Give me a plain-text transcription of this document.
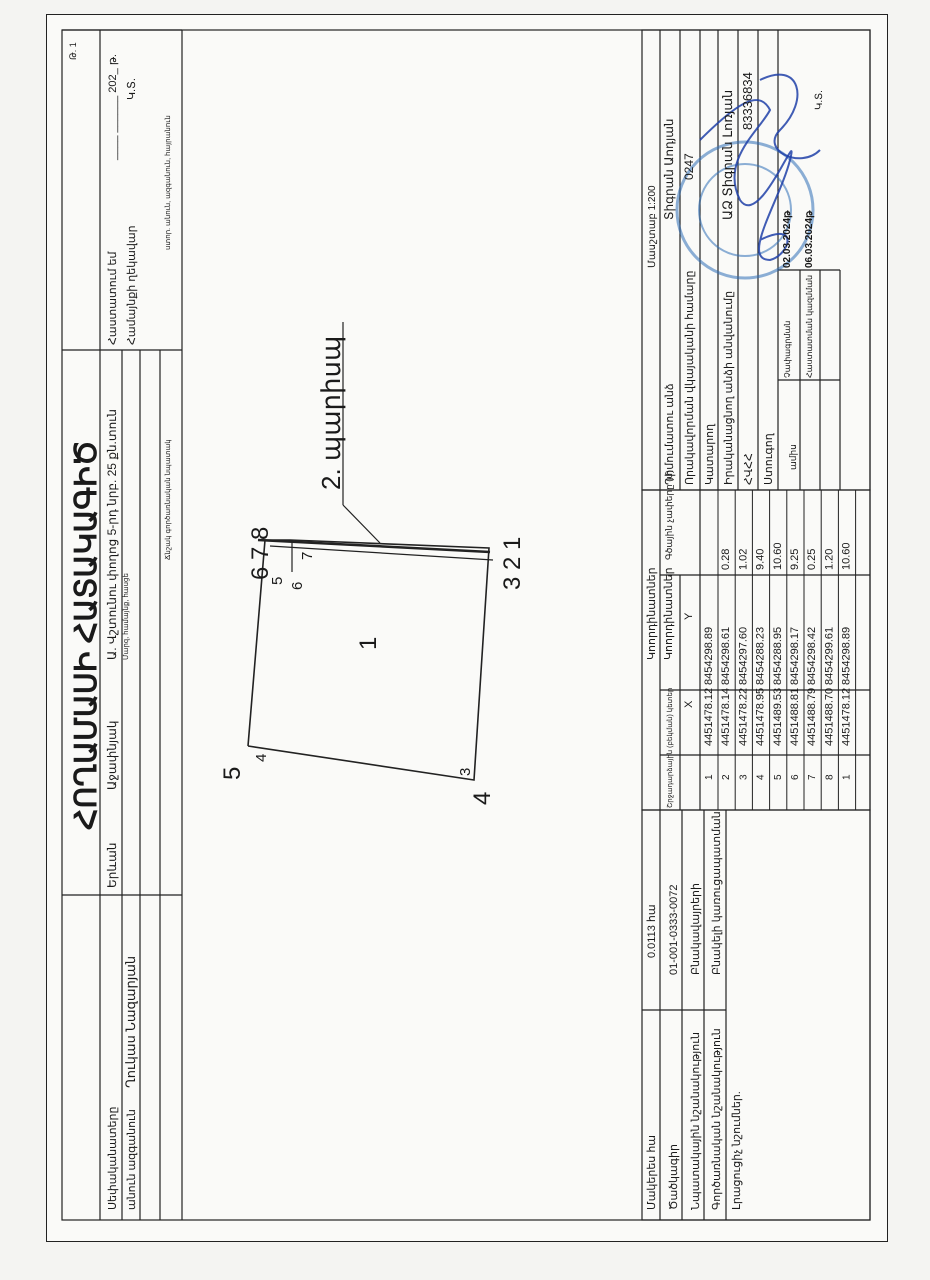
ՀՈՂԱՄԱՍԻ ՀԱՏԱԿԱԳԻԾ
Երևան
Աջափնյակ
Ա. Վշտունու փողոց 5-րդ նրբ. 25 քն.տուն Մարզ, համայնք, հասցե
Սեփականատերը անուն ազգանուն
Ղուկաս Նազարյան
Ճնշակ գործառնական նպատակ
Թ. 1
Հաստատում եմ Համայնքի ղեկավար
____ ______ 202_ թ. Կ.Տ.
ստոր. անուն, ազգանուն, հայրանուն
1
2. պարիսպ
5
4
3
2
1
6
7
8
4
3
5
6
7
Մասշտաբ 1:200
Դիմումատու անձ
Տիգրան Աոդյան
Որակավորման վկայականի համարը
0247
Կատարող Իրականացնող անձի անվանումը
ԱՁ Տիգրան Լոռյան
ՀՎՀՀ
83336834
Ստուգող ամիս
Չափագրման
02.03.2024թ
Հաստատման կազմման
06.03.2024թ
Կ.Տ.
Կոորդինատներ Կոորդինատներ
Շրջադարձային (բեկման) կետեր X
Y
Գծային չափերը (մ)
1
4451478.12
8454298.89
2
4451478.14
8454298.61
0.28
3
4451478.22
8454297.60
1.02
4
4451478.95
8454288.23
9.40
5
4451489.53
8454288.95
10.60
6
4451488.81
8454298.17
9.25
7
4451488.79
8454298.42
0.25
8
4451488.70
8454299.61
1.20
1
4451478.12
8454298.89
10.60
Մակերես հա
0.0113 հա
Ծածկագիր
01-001-0333-0072
Նպատակային նշանակություն
Բնակավայրերի
Գործառնական նշանակություն
Բնակելի կառուցապատման
Լրացուցիչ նշումներ.
